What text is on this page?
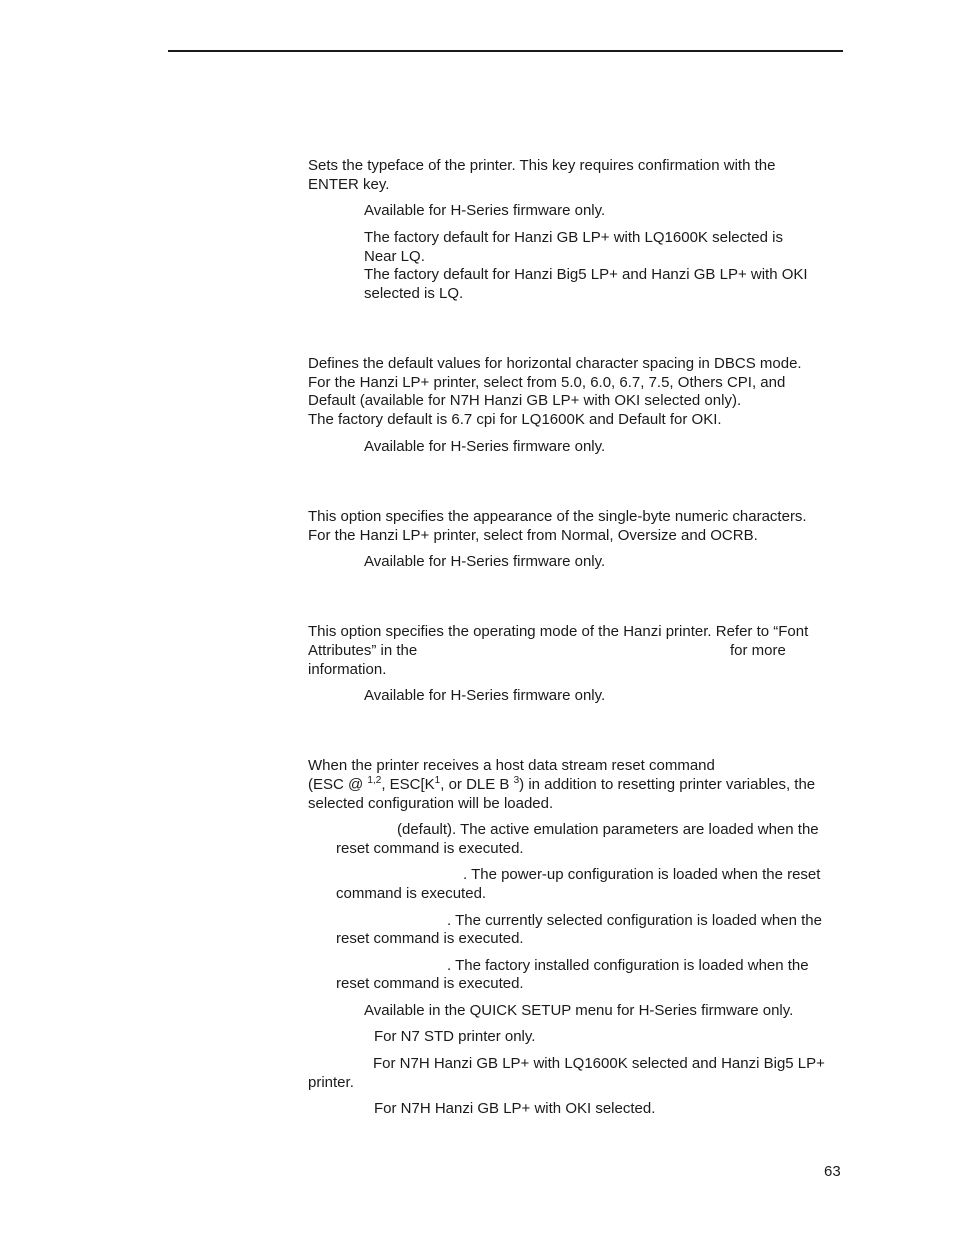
Sets the typeface of the printer. This key requires confirmation with the
ENTER key.

Available for H-Series firmware only.

The factory default for Hanzi GB LP+ with LQ1600K selected is
Near LQ.
The factory default for Hanzi Big5 LP+ and Hanzi GB LP+ with OKI
selected is LQ.

Defines the default values for horizontal character spacing in DBCS mode.
For the Hanzi LP+ printer, select from 5.0, 6.0, 6.7, 7.5, Others CPI, and
Default (available for N7H Hanzi GB LP+ with OKI selected only).
The factory default is 6.7 cpi for LQ1600K and Default for OKI.

Available for H-Series firmware only.

This option specifies the appearance of the single-byte numeric characters.
For the Hanzi LP+ printer, select from Normal, Oversize and OCRB.

Available for H-Series firmware only.

This option specifies the operating mode of the Hanzi printer. Refer to “Font

Attributes” in the	for more

information.

Available for H-Series firmware only.

When the printer receives a host data stream reset command

(ESC @ $^{1,2}$, $ESC[K^1$, or DLE B $^3$) in addition to resetting printer variables, the

selected configuration will be loaded.

(default). The active emulation parameters are loaded when the

reset command is executed.

. The power-up configuration is loaded when the reset

command is executed.

. The currently selected configuration is loaded when the

reset command is executed.

. The factory installed configuration is loaded when the

reset command is executed.

Available in the QUICK SETUP menu for H-Series firmware only.

For N7 STD printer only.

For N7H Hanzi GB LP+ with LQ1600K selected and Hanzi Big5 LP+

printer.

For N7H Hanzi GB LP+ with OKI selected.

63
